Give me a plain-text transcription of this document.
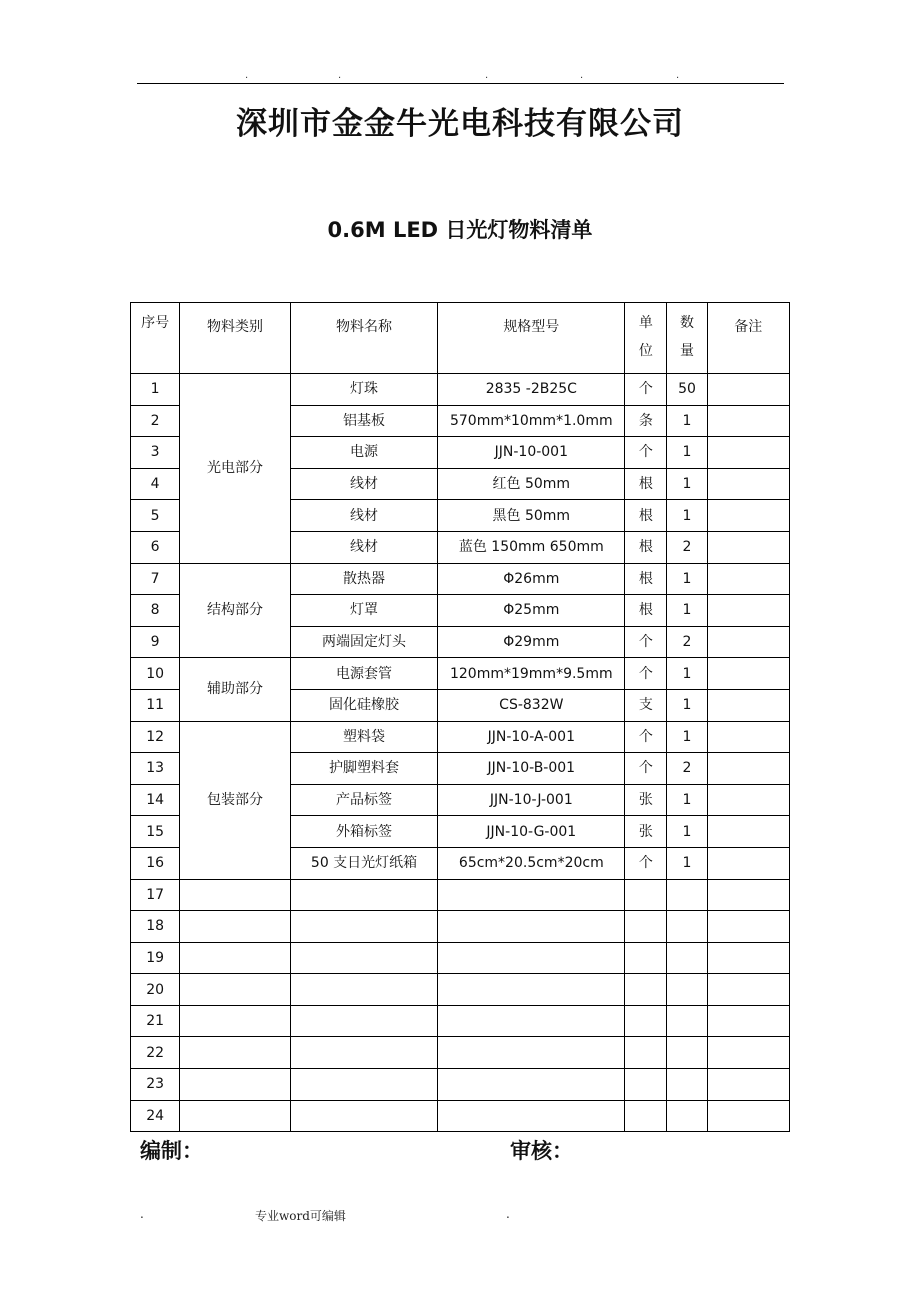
.	.	.	.	.
深圳市金金牛光电科技有限公司
0.6M LED 日光灯物料清单
序号	物料类别	物料名称	规格型号	单位	数量	备注
1	光电部分	灯珠	2835 -2B25C	个	50	
2		铝基板	570mm*10mm*1.0mm	条	1	
3		电源	JJN-10-001	个	1	
4		线材	红色 50mm	根	1	
5		线材	黑色 50mm	根	1	
6		线材	蓝色 150mm 650mm	根	2	
7	结构部分	散热器	Φ26mm	根	1	
8		灯罩	Φ25mm	根	1	
9		两端固定灯头	Φ29mm	个	2	
10	辅助部分	电源套管	120mm*19mm*9.5mm	个	1	
11		固化硅橡胶	CS-832W	支	1	
12	包装部分	塑料袋	JJN-10-A-001	个	1	
13		护脚塑料套	JJN-10-B-001	个	2	
14		产品标签	JJN-10-J-001	张	1	
15		外箱标签	JJN-10-G-001	张	1	
16		50 支日光灯纸箱	65cm*20.5cm*20cm	个	1	
17						
18						
19						
20						
21						
22						
23						
24						
编制：	审核：
.	专业word可编辑	.
